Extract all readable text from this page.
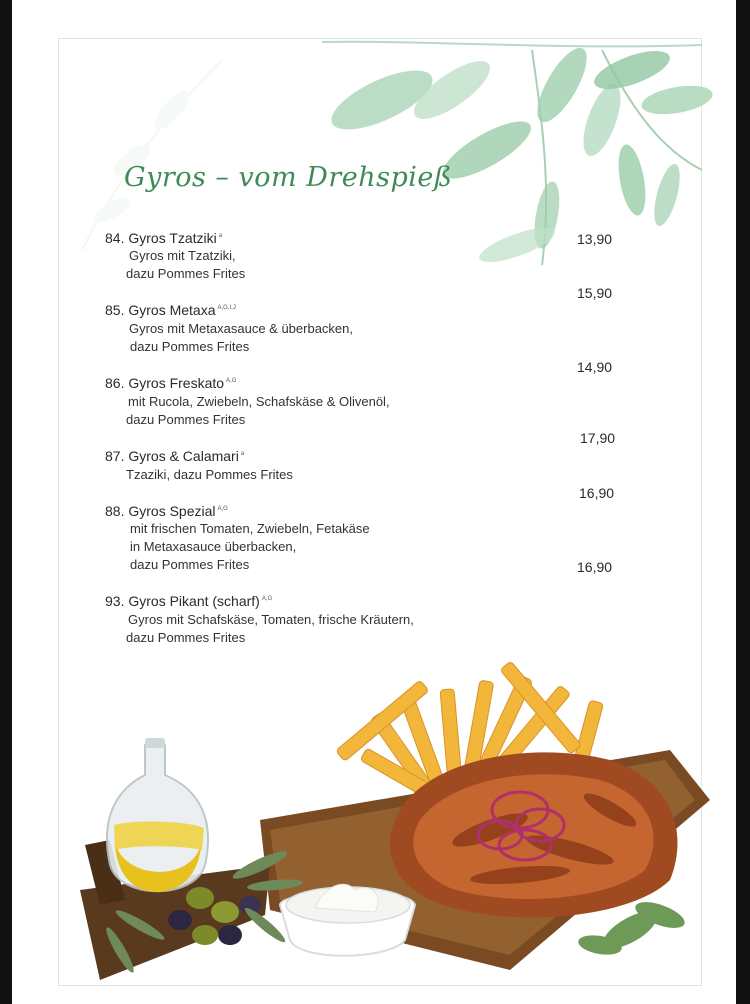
Gyros – vom Drehspieß
84. Gyros Tzatziki $^a$
Gyros mit Tzatziki,
dazu Pommes Frites
13,90
85. Gyros Metaxa $^{A,G,I,J}$
Gyros mit Metaxasauce & überbacken,
dazu Pommes Frites
15,90
86. Gyros Freskato $^{A,G}$
mit Rucola, Zwiebeln, Schafskäse & Olivenöl,
dazu Pommes Frites
14,90
87. Gyros & Calamari $^a$
Tzaziki, dazu Pommes Frites
17,90
88. Gyros Spezial $^{A,G}$
mit frischen Tomaten, Zwiebeln, Fetakäse
in Metaxasauce überbacken,
dazu Pommes Frites
16,90
93. Gyros Pikant (scharf) $^{A,G}$
Gyros mit Schafskäse, Tomaten, frische Kräutern,
dazu Pommes Frites
16,90
